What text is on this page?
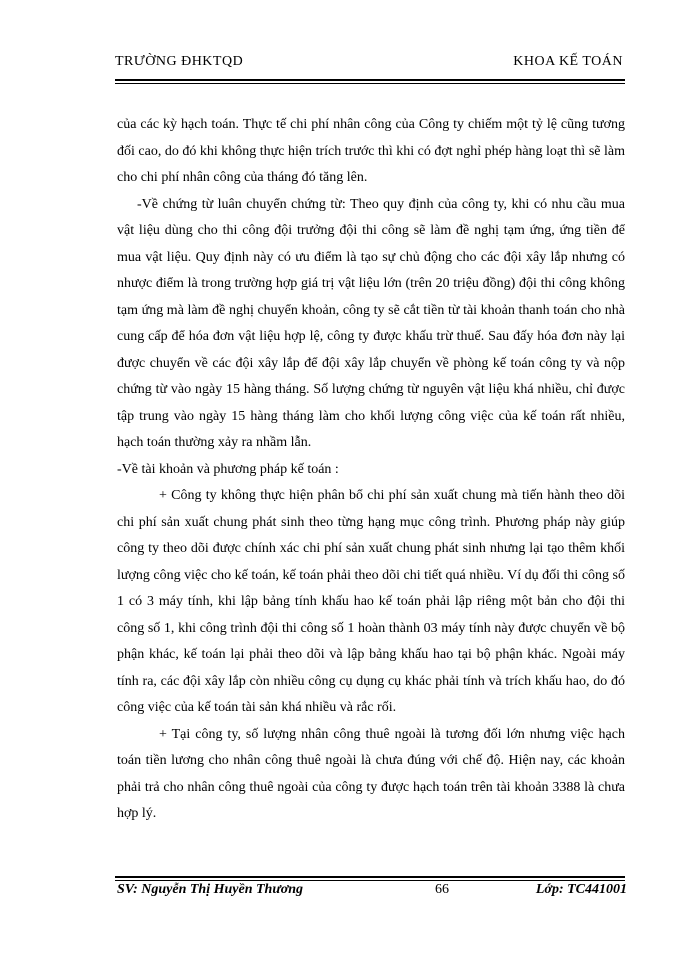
TRƯỜNG ĐHKTQD	KHOA KẾ TOÁN

của các kỳ hạch toán. Thực tế chi phí nhân công của Công ty chiếm một tỷ lệ cũng tương đối cao, do đó khi không thực hiện trích trước thì khi có đợt nghỉ phép hàng loạt thì sẽ làm cho chi phí nhân công của tháng đó tăng lên.

-Về chứng từ luân chuyển chứng từ: Theo quy định của công ty, khi có nhu cầu mua vật liệu dùng cho thi công đội trưởng đội thi công sẽ làm đề nghị tạm ứng, ứng tiền để mua vật liệu. Quy định này có ưu điểm là tạo sự chủ động cho các đội xây lắp nhưng có nhược điểm là trong trường hợp giá trị vật liệu lớn (trên 20 triệu đồng) đội thi công không tạm ứng mà làm đề nghị chuyển khoản, công ty sẽ cắt tiền từ tài khoản thanh toán cho nhà cung cấp để hóa đơn vật liệu hợp lệ, công ty được khấu trừ thuế. Sau đấy hóa đơn này lại được chuyển về các đội xây lắp để đội xây lắp chuyển về phòng kế toán công ty và nộp chứng từ vào ngày 15 hàng tháng. Số lượng chứng từ nguyên vật liệu khá nhiều, chỉ được tập trung vào ngày 15 hàng tháng làm cho khối lượng công việc của kế toán rất nhiều, hạch toán thường xảy ra nhầm lẫn.

-Về tài khoản và phương pháp kế toán :

+ Công ty không thực hiện phân bổ chi phí sản xuất chung mà tiến hành theo dõi chi phí sản xuất chung phát sinh theo từng hạng mục công trình. Phương pháp này giúp công ty theo dõi được chính xác chi phí sản xuất chung phát sinh nhưng lại tạo thêm khối lượng công việc cho kế toán, kế toán phải theo dõi chi tiết quá nhiều. Ví dụ đối thi công số 1 có 3 máy tính, khi lập bảng tính khấu hao kế toán phải lập riêng một bản cho đội thi công số 1, khi công trình đội thi công số 1 hoàn thành 03 máy tính này được chuyển về bộ phận khác, kế toán lại phải theo dõi và lập bảng khấu hao tại bộ phận khác. Ngoài máy tính ra, các đội xây lắp còn nhiều công cụ dụng cụ khác phải tính và trích khấu hao, do đó công việc của kế toán tài sản khá nhiều và rắc rối.

+ Tại công ty, số lượng nhân công thuê ngoài là tương đối lớn nhưng việc hạch toán tiền lương cho nhân công thuê ngoài là chưa đúng với chế độ. Hiện nay, các khoản phải trả cho nhân công thuê ngoài của công ty được hạch toán trên tài khoản 3388 là chưa hợp lý.

SV: Nguyễn Thị Huyền Thương	66	Lớp: TC441001
